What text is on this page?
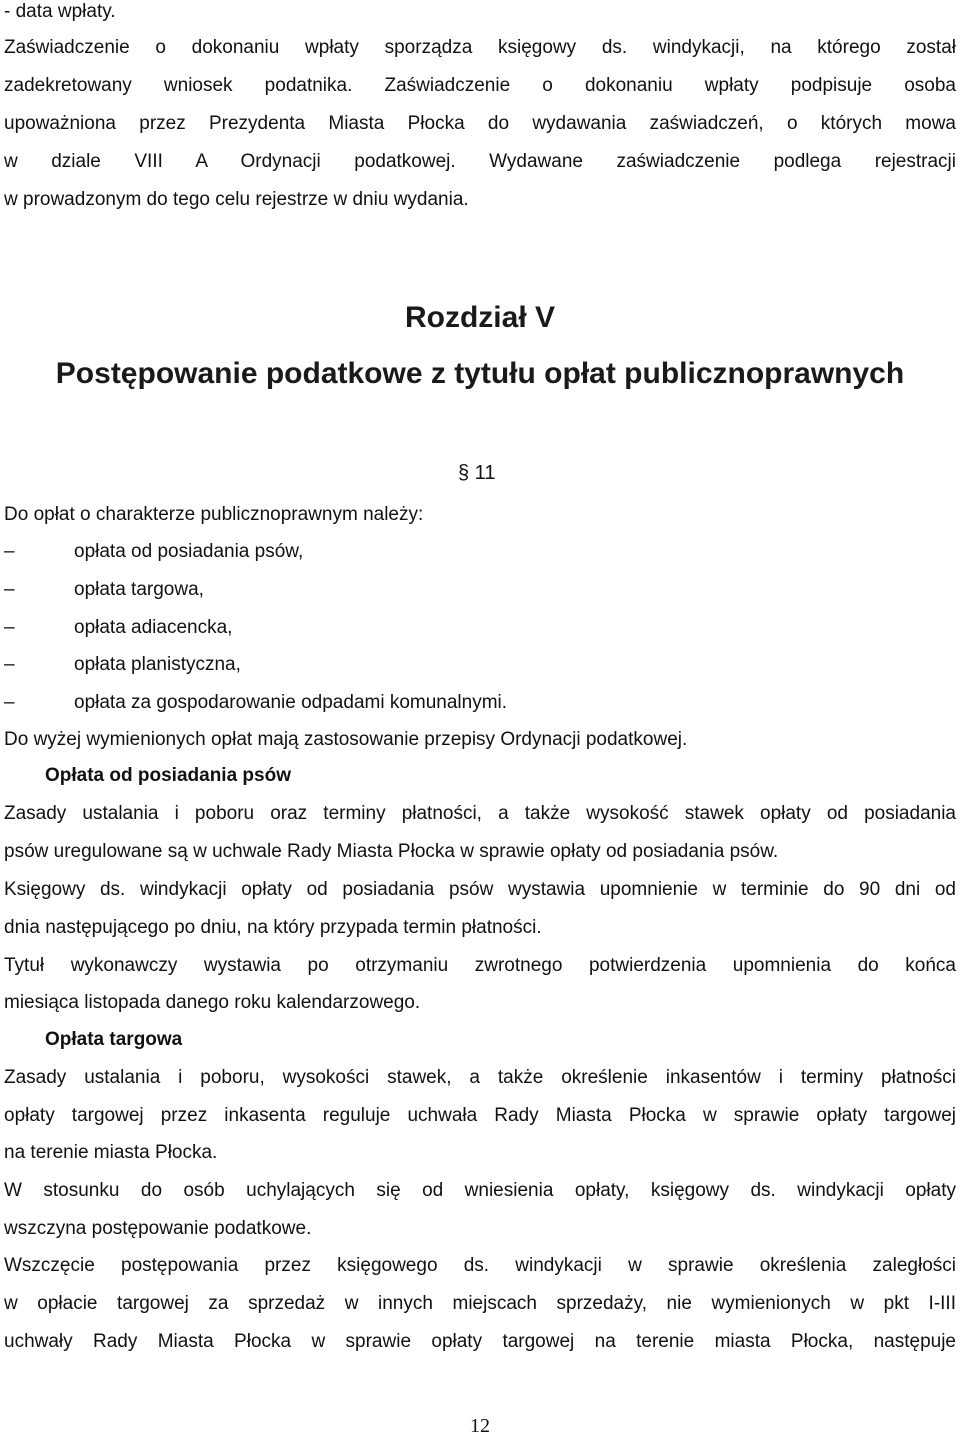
- data wpłaty.
Zaświadczenie o dokonaniu wpłaty sporządza księgowy ds. windykacji, na którego został
zadekretowany wniosek podatnika. Zaświadczenie o dokonaniu wpłaty podpisuje osoba
upoważniona przez Prezydenta Miasta Płocka do wydawania zaświadczeń, o których mowa
w dziale VIII A Ordynacji podatkowej. Wydawane zaświadczenie podlega rejestracji
w prowadzonym do tego celu rejestrze w dniu wydania.
Rozdział V
Postępowanie podatkowe z tytułu opłat publicznoprawnych
§ 11
Do opłat o charakterze publicznoprawnym należy:
–	opłata od posiadania psów,
–	opłata targowa,
–	opłata adiacencka,
–	opłata planistyczna,
–	opłata za gospodarowanie odpadami komunalnymi.
Do wyżej wymienionych opłat mają zastosowanie przepisy Ordynacji podatkowej.
Opłata od posiadania psów
Zasady ustalania i poboru oraz terminy płatności, a także wysokość stawek opłaty od posiadania
psów uregulowane są w uchwale Rady Miasta Płocka w sprawie opłaty od posiadania psów.
Księgowy ds. windykacji opłaty od posiadania psów wystawia upomnienie w terminie do 90 dni od
dnia następującego po dniu, na który przypada termin płatności.
Tytuł wykonawczy wystawia po otrzymaniu zwrotnego potwierdzenia upomnienia do końca
miesiąca listopada danego roku kalendarzowego.
Opłata targowa
Zasady ustalania i poboru, wysokości stawek, a także określenie inkasentów i terminy płatności
opłaty targowej przez inkasenta reguluje uchwała Rady Miasta Płocka w sprawie opłaty targowej
na terenie miasta Płocka.
W stosunku do osób uchylających się od wniesienia opłaty, księgowy ds. windykacji opłaty
wszczyna postępowanie podatkowe.
Wszczęcie postępowania przez księgowego ds. windykacji w sprawie określenia zaległości
w opłacie targowej za sprzedaż w innych miejscach sprzedaży, nie wymienionych w pkt I-III
uchwały Rady Miasta Płocka w sprawie opłaty targowej na terenie miasta Płocka, następuje
12
